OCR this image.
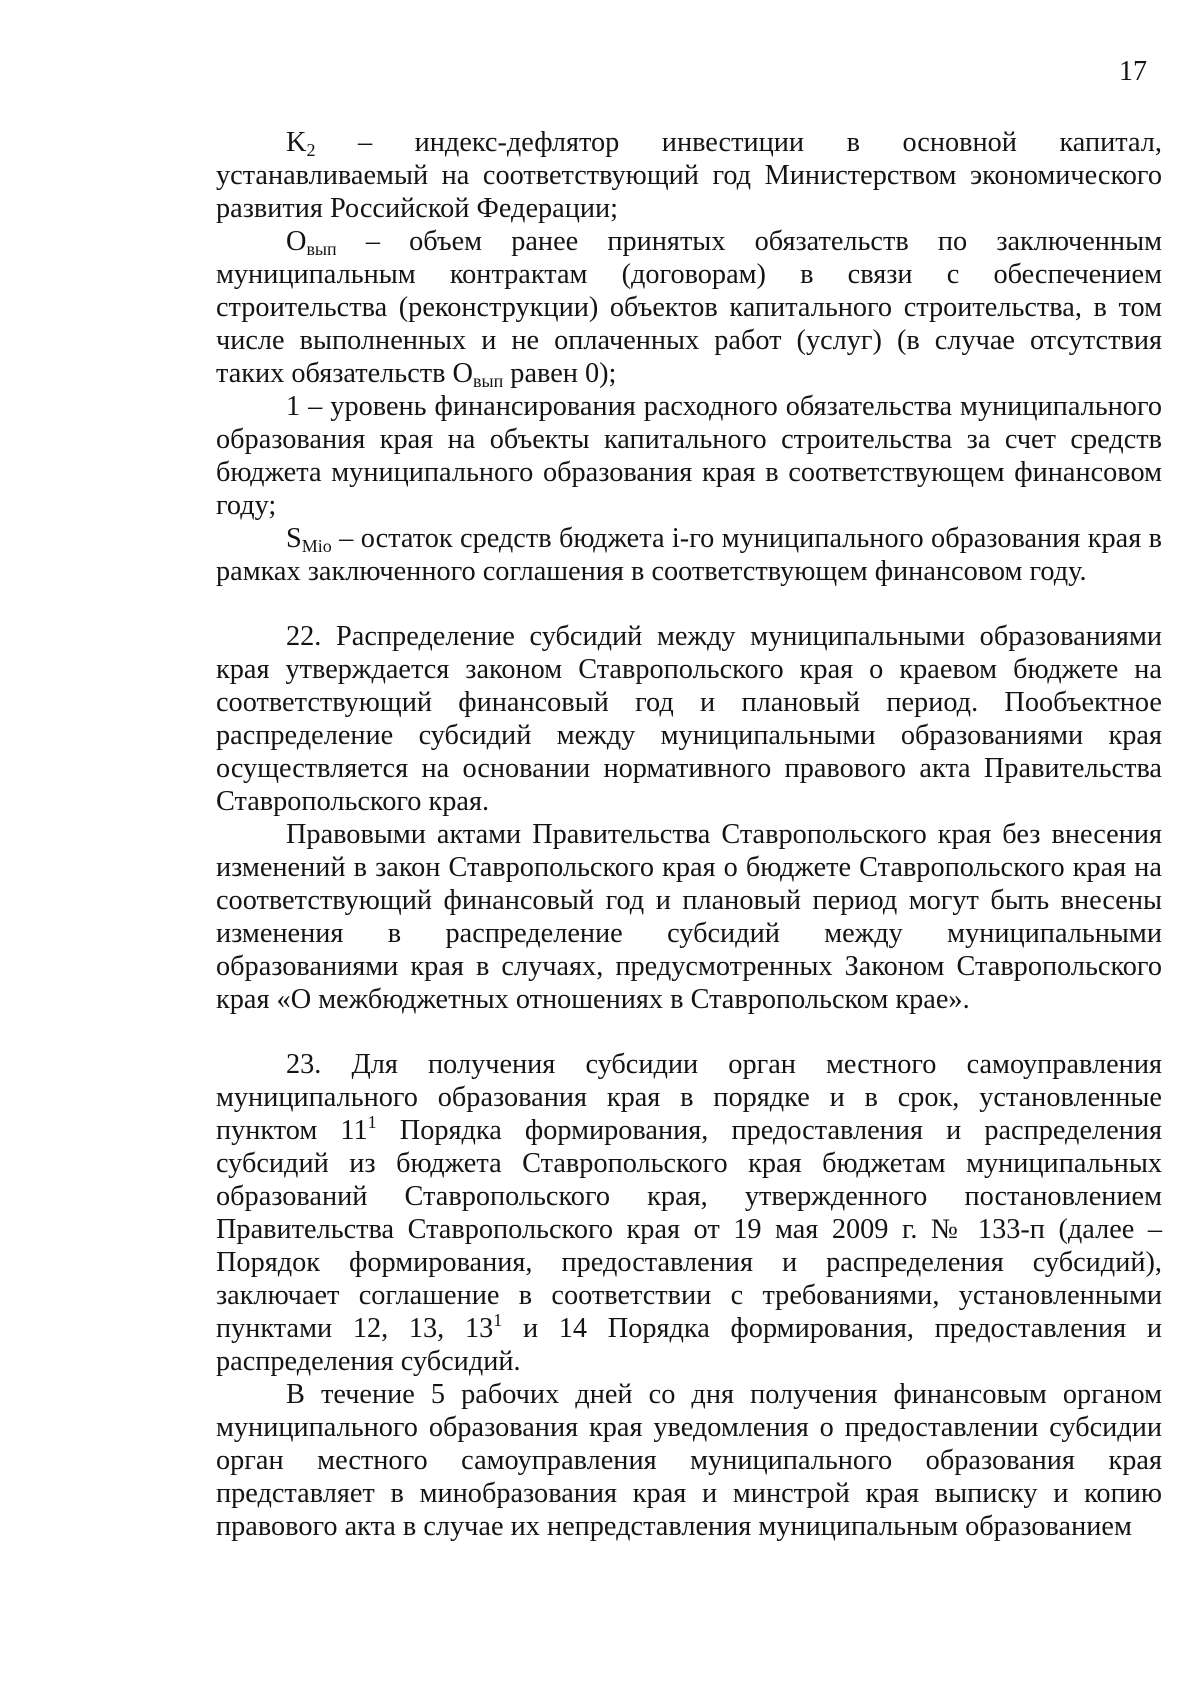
17

$K_2$ – индекс-дефлятор инвестиции в основной капитал, устанавливаемый на соответствующий год Министерством экономического развития Российской Федерации;

$O_{вып}$ – объем ранее принятых обязательств по заключенным муниципальным контрактам (договорам) в связи с обеспечением строительства (реконструкции) объектов капитального строительства, в том числе выполненных и не оплаченных работ (услуг) (в случае отсутствия таких обязательств $O_{вып}$ равен 0);

1 – уровень финансирования расходного обязательства муниципального образования края на объекты капитального строительства за счет средств бюджета муниципального образования края в соответствующем финансовом году;

$S_{Mio}$ – остаток средств бюджета i-го муниципального образования края в рамках заключенного соглашения в соответствующем финансовом году.

22. Распределение субсидий между муниципальными образованиями края утверждается законом Ставропольского края о краевом бюджете на соответствующий финансовый год и плановый период. Пообъектное распределение субсидий между муниципальными образованиями края осуществляется на основании нормативного правового акта Правительства Ставропольского края.

Правовыми актами Правительства Ставропольского края без внесения изменений в закон Ставропольского края о бюджете Ставропольского края на соответствующий финансовый год и плановый период могут быть внесены изменения в распределение субсидий между муниципальными образованиями края в случаях, предусмотренных Законом Ставропольского края «О межбюджетных отношениях в Ставропольском крае».

23. Для получения субсидии орган местного самоуправления муниципального образования края в порядке и в срок, установленные пунктом $11^1$ Порядка формирования, предоставления и распределения субсидий из бюджета Ставропольского края бюджетам муниципальных образований Ставропольского края, утвержденного постановлением Правительства Ставропольского края от 19 мая 2009 г. № 133-п (далее – Порядок формирования, предоставления и распределения субсидий), заключает соглашение в соответствии с требованиями, установленными пунктами 12, 13, $13^1$ и 14 Порядка формирования, предоставления и распределения субсидий.

В течение 5 рабочих дней со дня получения финансовым органом муниципального образования края уведомления о предоставлении субсидии орган местного самоуправления муниципального образования края представляет в минобразования края и минстрой края выписку и копию правового акта в случае их непредставления муниципальным образованием
